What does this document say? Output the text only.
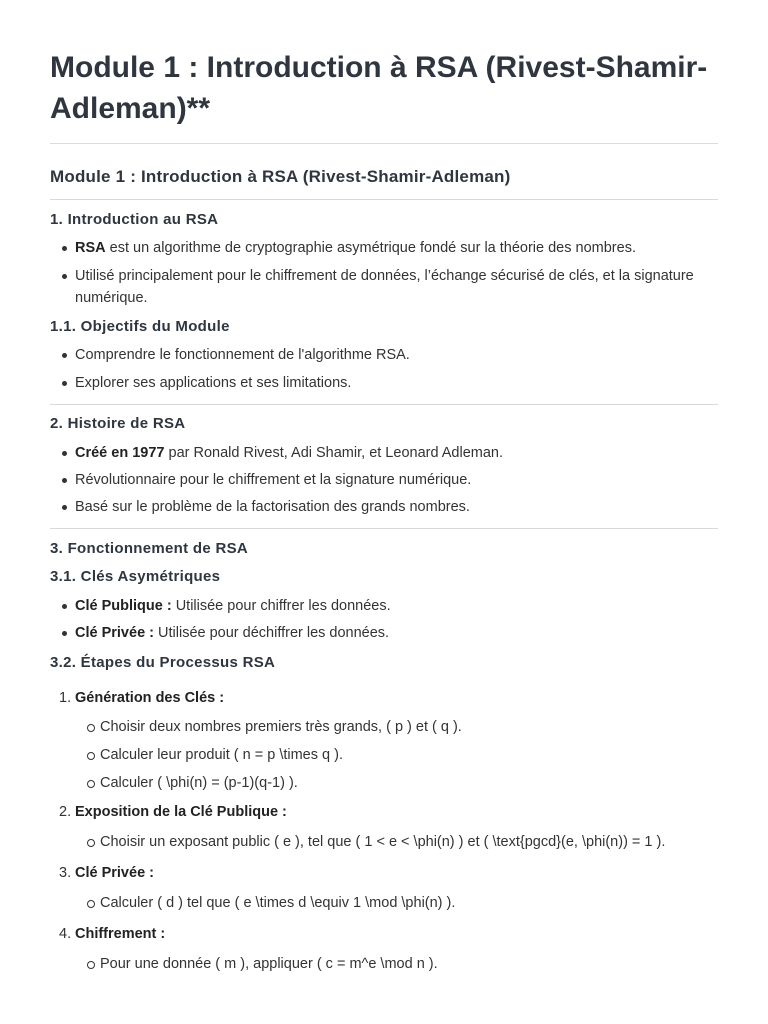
Module 1 : Introduction à RSA (Rivest-Shamir-Adleman)**
Module 1 : Introduction à RSA (Rivest-Shamir-Adleman)
1. Introduction au RSA
RSA est un algorithme de cryptographie asymétrique fondé sur la théorie des nombres.
Utilisé principalement pour le chiffrement de données, l’échange sécurisé de clés, et la signature numérique.
1.1. Objectifs du Module
Comprendre le fonctionnement de l'algorithme RSA.
Explorer ses applications et ses limitations.
2. Histoire de RSA
Créé en 1977 par Ronald Rivest, Adi Shamir, et Leonard Adleman.
Révolutionnaire pour le chiffrement et la signature numérique.
Basé sur le problème de la factorisation des grands nombres.
3. Fonctionnement de RSA
3.1. Clés Asymétriques
Clé Publique : Utilisée pour chiffrer les données.
Clé Privée : Utilisée pour déchiffrer les données.
3.2. Étapes du Processus RSA
1. Génération des Clés :
Choisir deux nombres premiers très grands, ( p ) et ( q ).
Calculer leur produit ( n = p \times q ).
Calculer ( \phi(n) = (p-1)(q-1) ).
2. Exposition de la Clé Publique :
Choisir un exposant public ( e ), tel que ( 1 < e < \phi(n) ) et ( \text{pgcd}(e, \phi(n)) = 1 ).
3. Clé Privée :
Calculer ( d ) tel que ( e \times d \equiv 1 \mod \phi(n) ).
4. Chiffrement :
Pour une donnée ( m ), appliquer ( c = m^e \mod n ).
